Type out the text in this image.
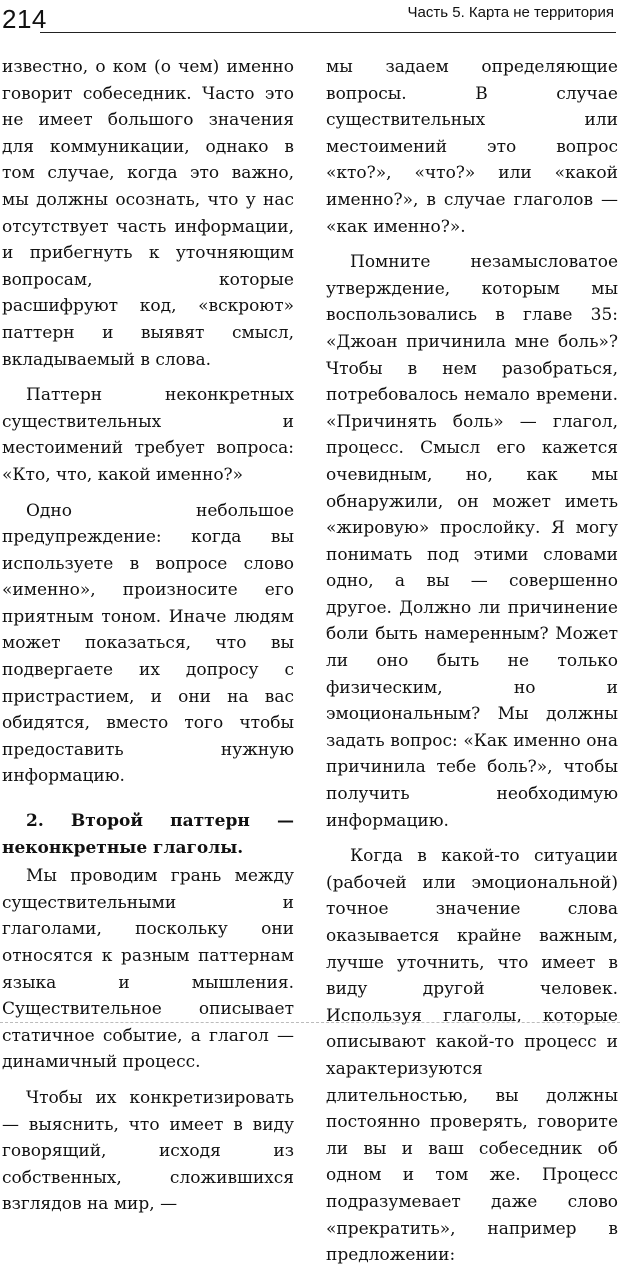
214	Часть 5. Карта не территория

известно, о ком (о чем) именно говорит собеседник. Часто это не имеет большого значения для коммуникации, однако в том случае, когда это важно, мы должны осознать, что у нас отсутствует часть информации, и прибегнуть к уточняющим вопросам, которые расшифруют код, «вскроют» паттерн и выявят смысл, вкладываемый в слова.

Паттерн неконкретных существительных и местоимений требует вопроса: «Кто, что, какой именно?»

Одно небольшое предупреждение: когда вы используете в вопросе слово «именно», произносите его приятным тоном. Иначе людям может показаться, что вы подвергаете их допросу с пристрастием, и они на вас обидятся, вместо того чтобы предоставить нужную информацию.

2. Второй паттерн — неконкретные глаголы.

Мы проводим грань между существительными и глаголами, поскольку они относятся к разным паттернам языка и мышления. Существительное описывает статичное событие, а глагол — динамичный процесс.

Чтобы их конкретизировать — выяснить, что имеет в виду говорящий, исходя из собственных, сложившихся взглядов на мир, —

мы задаем определяющие вопросы. В случае существительных или местоимений это вопрос «кто?», «что?» или «какой именно?», в случае глаголов — «как именно?».

Помните незамысловатое утверждение, которым мы воспользовались в главе 35: «Джоан причинила мне боль»? Чтобы в нем разобраться, потребовалось немало времени. «Причинять боль» — глагол, процесс. Смысл его кажется очевидным, но, как мы обнаружили, он может иметь «жировую» прослойку. Я могу понимать под этими словами одно, а вы — совершенно другое. Должно ли причинение боли быть намеренным? Может ли оно быть не только физическим, но и эмоциональным? Мы должны задать вопрос: «Как именно она причинила тебе боль?», чтобы получить необходимую информацию.

Когда в какой-то ситуации (рабочей или эмоциональной) точное значение слова оказывается крайне важным, лучше уточнить, что имеет в виду другой человек. Используя глаголы, которые описывают какой-то процесс и характеризуются длительностью, вы должны постоянно проверять, говорите ли вы и ваш собеседник об одном и том же. Процесс подразумевает даже слово «прекратить», например в предложении:
